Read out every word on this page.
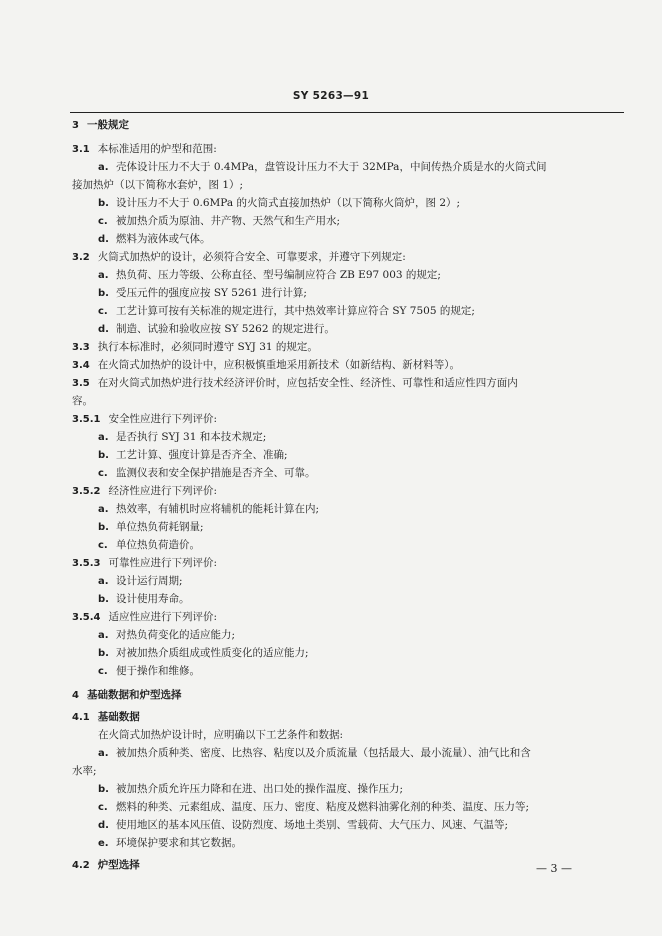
SY 5263—91
3 一般规定
3.1 本标准适用的炉型和范围:
a. 壳体设计压力不大于 0.4MPa，盘管设计压力不大于 32MPa，中间传热介质是水的火筒式间
接加热炉（以下简称水套炉，图 1）;
b. 设计压力不大于 0.6MPa 的火筒式直接加热炉（以下简称火筒炉，图 2）;
c. 被加热介质为原油、井产物、天然气和生产用水;
d. 燃料为液体或气体。
3.2 火筒式加热炉的设计，必须符合安全、可靠要求，并遵守下列规定:
a. 热负荷、压力等级、公称直径、型号编制应符合 ZB E97 003 的规定;
b. 受压元件的强度应按 SY 5261 进行计算;
c. 工艺计算可按有关标准的规定进行，其中热效率计算应符合 SY 7505 的规定;
d. 制造、试验和验收应按 SY 5262 的规定进行。
3.3 执行本标准时，必须同时遵守 SYJ 31 的规定。
3.4 在火筒式加热炉的设计中，应积极慎重地采用新技术（如新结构、新材料等）。
3.5 在对火筒式加热炉进行技术经济评价时，应包括安全性、经济性、可靠性和适应性四方面内
容。
3.5.1 安全性应进行下列评价:
a. 是否执行 SYJ 31 和本技术规定;
b. 工艺计算、强度计算是否齐全、准确;
c. 监测仪表和安全保护措施是否齐全、可靠。
3.5.2 经济性应进行下列评价:
a. 热效率，有辅机时应将辅机的能耗计算在内;
b. 单位热负荷耗钢量;
c. 单位热负荷造价。
3.5.3 可靠性应进行下列评价:
a. 设计运行周期;
b. 设计使用寿命。
3.5.4 适应性应进行下列评价:
a. 对热负荷变化的适应能力;
b. 对被加热介质组成或性质变化的适应能力;
c. 便于操作和维修。
4 基础数据和炉型选择
4.1 基础数据
在火筒式加热炉设计时，应明确以下工艺条件和数据:
a. 被加热介质种类、密度、比热容、粘度以及介质流量（包括最大、最小流量）、油气比和含
水率;
b. 被加热介质允许压力降和在进、出口处的操作温度、操作压力;
c. 燃料的种类、元素组成、温度、压力、密度、粘度及燃料油雾化剂的种类、温度、压力等;
d. 使用地区的基本风压值、设防烈度、场地土类别、雪载荷、大气压力、风速、气温等;
e. 环境保护要求和其它数据。
4.2 炉型选择	— 3 —
